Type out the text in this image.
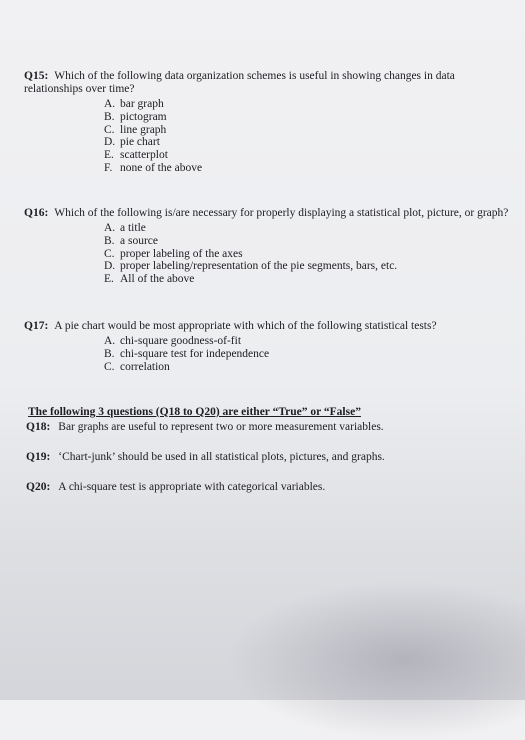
Q15: Which of the following data organization schemes is useful in showing changes in data relationships over time?
A. bar graph
B. pictogram
C. line graph
D. pie chart
E. scatterplot
F. none of the above
Q16: Which of the following is/are necessary for properly displaying a statistical plot, picture, or graph?
A. a title
B. a source
C. proper labeling of the axes
D. proper labeling/representation of the pie segments, bars, etc.
E. All of the above
Q17: A pie chart would be most appropriate with which of the following statistical tests?
A. chi-square goodness-of-fit
B. chi-square test for independence
C. correlation
The following 3 questions (Q18 to Q20) are either “True” or “False”
Q18: Bar graphs are useful to represent two or more measurement variables.
Q19: ‘Chart-junk’ should be used in all statistical plots, pictures, and graphs.
Q20: A chi-square test is appropriate with categorical variables.
